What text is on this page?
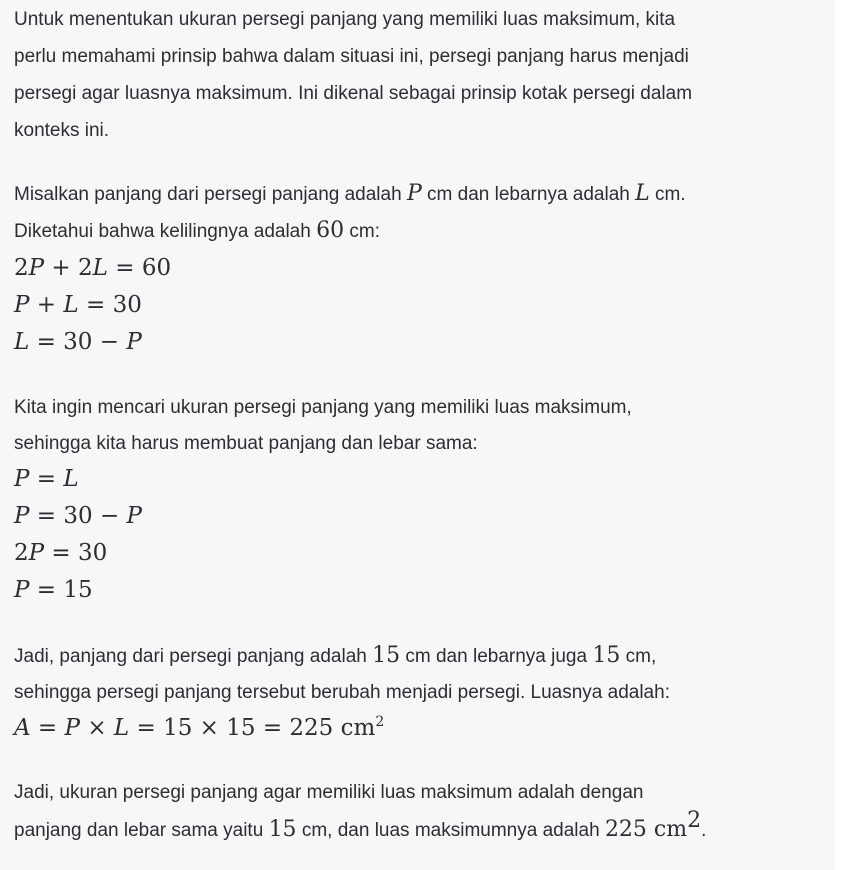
Untuk menentukan ukuran persegi panjang yang memiliki luas maksimum, kita
perlu memahami prinsip bahwa dalam situasi ini, persegi panjang harus menjadi
persegi agar luasnya maksimum. Ini dikenal sebagai prinsip kotak persegi dalam
konteks ini.
Misalkan panjang dari persegi panjang adalah P cm dan lebarnya adalah L cm.
Diketahui bahwa kelilingnya adalah 60 cm:
2P + 2L = 60
P + L = 30
L = 30 − P
Kita ingin mencari ukuran persegi panjang yang memiliki luas maksimum,
sehingga kita harus membuat panjang dan lebar sama:
P = L
P = 30 − P
2P = 30
P = 15
Jadi, panjang dari persegi panjang adalah 15 cm dan lebarnya juga 15 cm,
sehingga persegi panjang tersebut berubah menjadi persegi. Luasnya adalah:
A = P × L = 15 × 15 = 225 $cm^2$
Jadi, ukuran persegi panjang agar memiliki luas maksimum adalah dengan
panjang dan lebar sama yaitu 15 cm, dan luas maksimumnya adalah 225 $cm^2$.
